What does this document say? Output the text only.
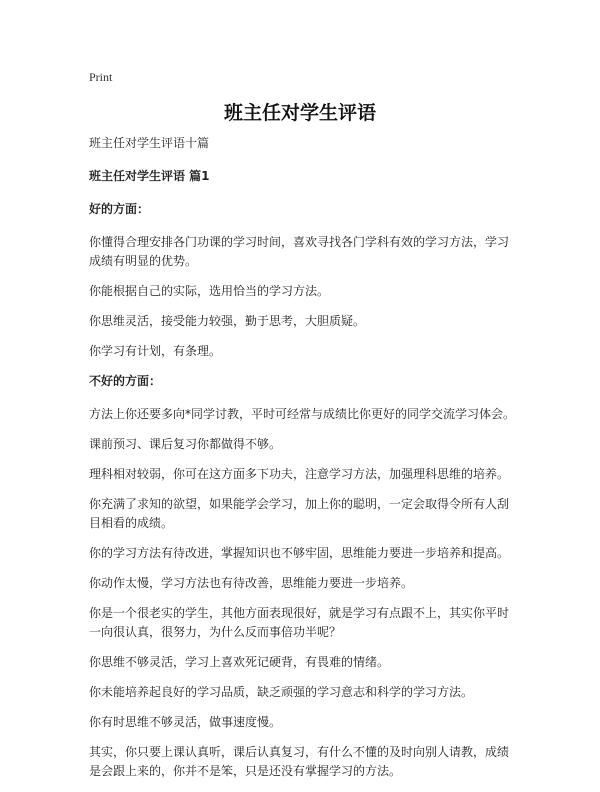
Print
班主任对学生评语

班主任对学生评语十篇

班主任对学生评语 篇1

好的方面：

你懂得合理安排各门功课的学习时间，喜欢寻找各门学科有效的学习方法，学习成绩有明显的优势。

你能根据自己的实际，选用恰当的学习方法。

你思维灵活，接受能力较强，勤于思考，大胆质疑。

你学习有计划，有条理。

不好的方面：

方法上你还要多向*同学讨教，平时可经常与成绩比你更好的同学交流学习体会。

课前预习、课后复习你都做得不够。

理科相对较弱，你可在这方面多下功夫，注意学习方法，加强理科思维的培养。

你充满了求知的欲望，如果能学会学习，加上你的聪明，一定会取得令所有人刮目相看的成绩。

你的学习方法有待改进，掌握知识也不够牢固，思维能力要进一步培养和提高。

你动作太慢，学习方法也有待改善，思维能力要进一步培养。

你是一个很老实的学生，其他方面表现很好，就是学习有点跟不上，其实你平时一向很认真，很努力，为什么反而事倍功半呢？

你思维不够灵活，学习上喜欢死记硬背，有畏难的情绪。

你未能培养起良好的学习品质，缺乏顽强的学习意志和科学的学习方法。

你有时思维不够灵活，做事速度慢。

其实，你只要上课认真听，课后认真复习，有什么不懂的及时向别人请教，成绩是会跟上来的，你并不是笨，只是还没有掌握学习的方法。
